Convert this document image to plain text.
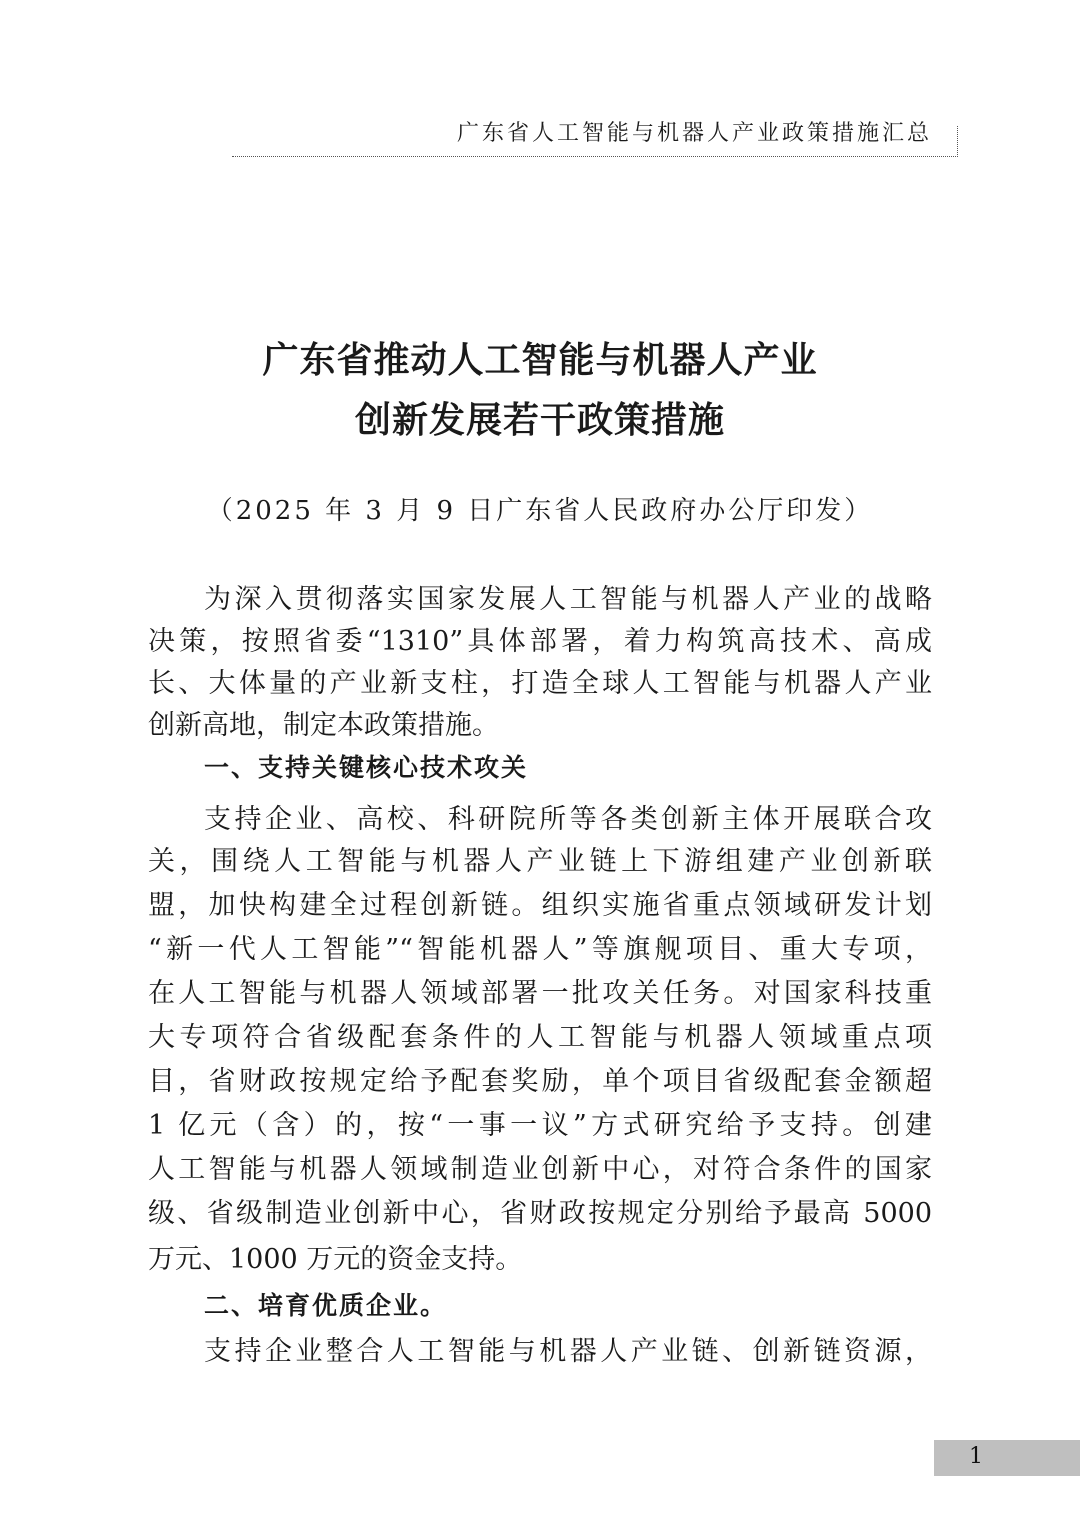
广东省人工智能与机器人产业政策措施汇总
广东省推动人工智能与机器人产业
创新发展若干政策措施
（2025 年 3 月 9 日广东省人民政府办公厅印发）
为深入贯彻落实国家发展人工智能与机器人产业的战略
决策，按照省委“1310”具体部署，着力构筑高技术、高成
长、大体量的产业新支柱，打造全球人工智能与机器人产业
创新高地，制定本政策措施。
一、支持关键核心技术攻关
支持企业、高校、科研院所等各类创新主体开展联合攻
关，围绕人工智能与机器人产业链上下游组建产业创新联
盟，加快构建全过程创新链。组织实施省重点领域研发计划
“新一代人工智能”“智能机器人”等旗舰项目、重大专项，
在人工智能与机器人领域部署一批攻关任务。对国家科技重
大专项符合省级配套条件的人工智能与机器人领域重点项
目，省财政按规定给予配套奖励，单个项目省级配套金额超
1 亿元（含）的，按“一事一议”方式研究给予支持。创建
人工智能与机器人领域制造业创新中心，对符合条件的国家
级、省级制造业创新中心，省财政按规定分别给予最高 5000
万元、1000 万元的资金支持。
二、培育优质企业。
支持企业整合人工智能与机器人产业链、创新链资源，
1
